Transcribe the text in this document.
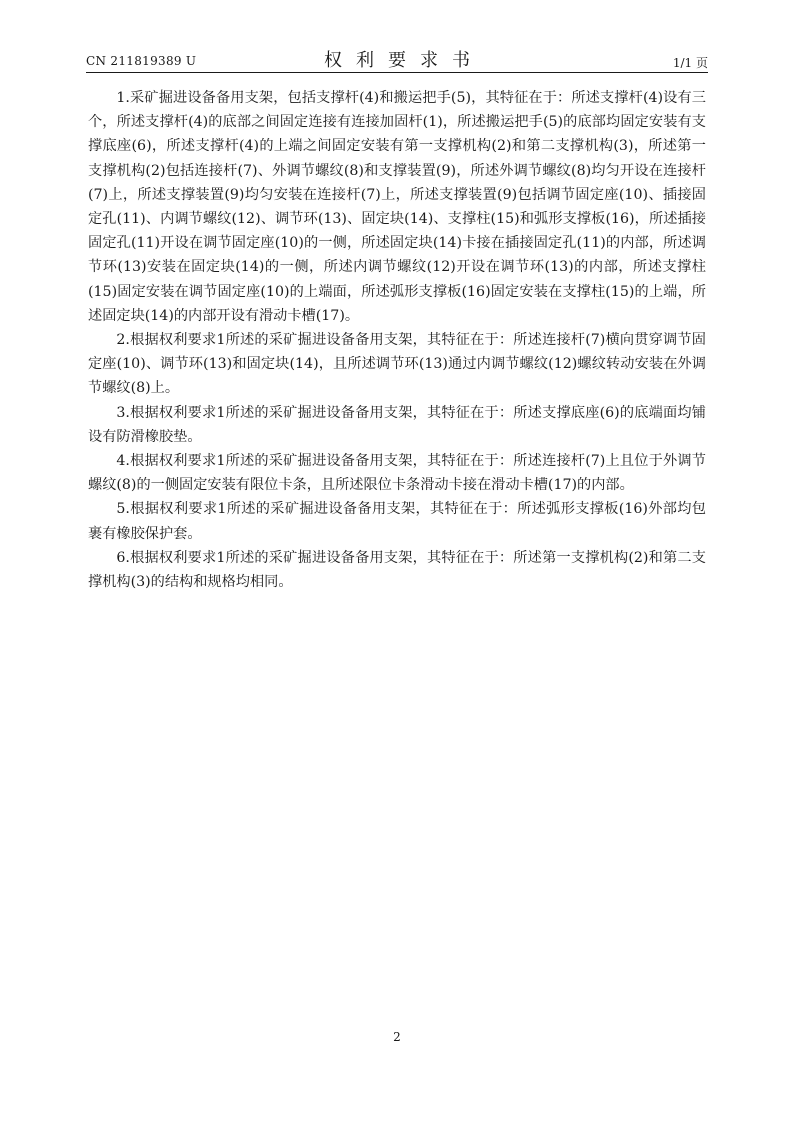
CN 211819389 U	权利要求书	1/1 页

1.采矿掘进设备备用支架，包括支撑杆(4)和搬运把手(5)，其特征在于：所述支撑杆(4)设有三个，所述支撑杆(4)的底部之间固定连接有连接加固杆(1)，所述搬运把手(5)的底部均固定安装有支撑底座(6)，所述支撑杆(4)的上端之间固定安装有第一支撑机构(2)和第二支撑机构(3)，所述第一支撑机构(2)包括连接杆(7)、外调节螺纹(8)和支撑装置(9)，所述外调节螺纹(8)均匀开设在连接杆(7)上，所述支撑装置(9)均匀安装在连接杆(7)上，所述支撑装置(9)包括调节固定座(10)、插接固定孔(11)、内调节螺纹(12)、调节环(13)、固定块(14)、支撑柱(15)和弧形支撑板(16)，所述插接固定孔(11)开设在调节固定座(10)的一侧，所述固定块(14)卡接在插接固定孔(11)的内部，所述调节环(13)安装在固定块(14)的一侧，所述内调节螺纹(12)开设在调节环(13)的内部，所述支撑柱(15)固定安装在调节固定座(10)的上端面，所述弧形支撑板(16)固定安装在支撑柱(15)的上端，所述固定块(14)的内部开设有滑动卡槽(17)。

2.根据权利要求1所述的采矿掘进设备备用支架，其特征在于：所述连接杆(7)横向贯穿调节固定座(10)、调节环(13)和固定块(14)，且所述调节环(13)通过内调节螺纹(12)螺纹转动安装在外调节螺纹(8)上。

3.根据权利要求1所述的采矿掘进设备备用支架，其特征在于：所述支撑底座(6)的底端面均铺设有防滑橡胶垫。

4.根据权利要求1所述的采矿掘进设备备用支架，其特征在于：所述连接杆(7)上且位于外调节螺纹(8)的一侧固定安装有限位卡条，且所述限位卡条滑动卡接在滑动卡槽(17)的内部。

5.根据权利要求1所述的采矿掘进设备备用支架，其特征在于：所述弧形支撑板(16)外部均包裹有橡胶保护套。

6.根据权利要求1所述的采矿掘进设备备用支架，其特征在于：所述第一支撑机构(2)和第二支撑机构(3)的结构和规格均相同。

2
